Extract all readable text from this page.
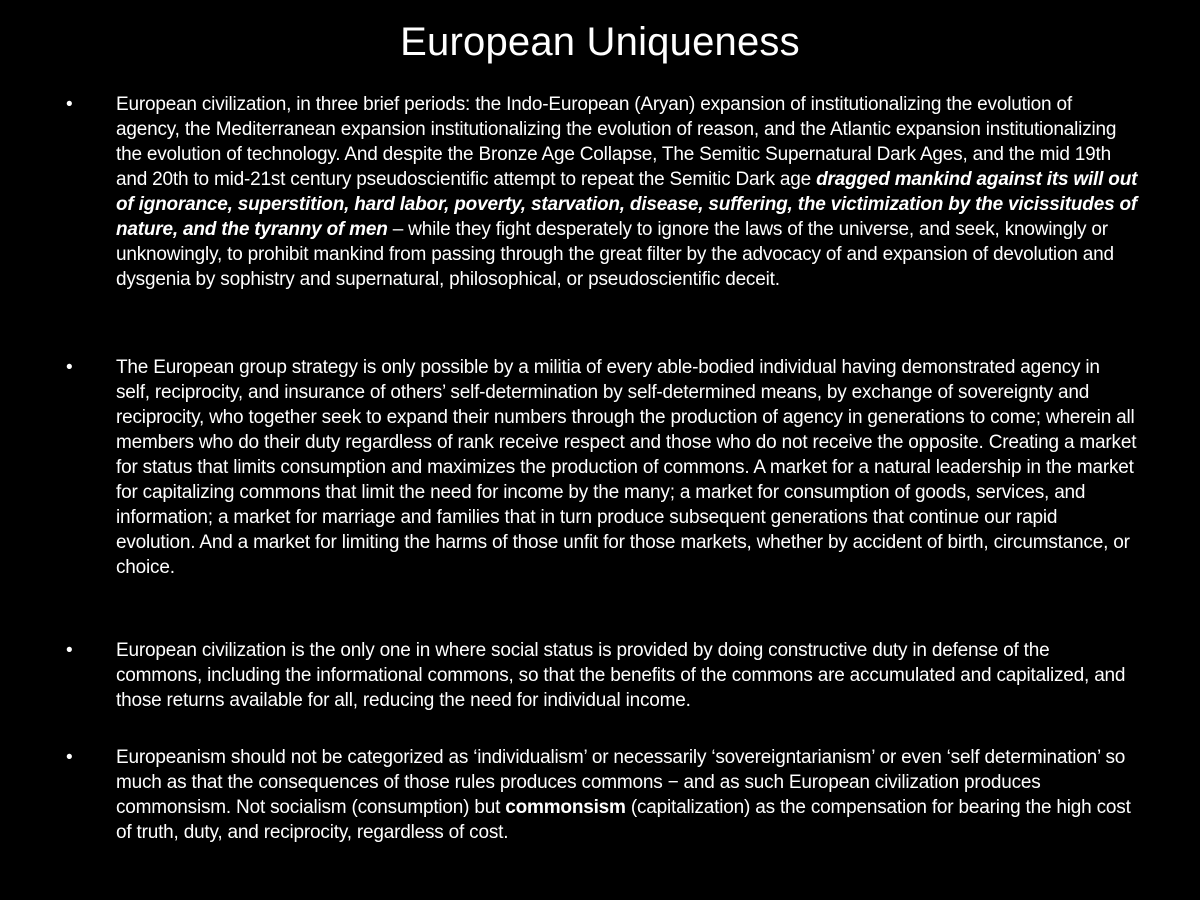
European Uniqueness
• European civilization, in three brief periods: the Indo-European (Aryan) expansion of institutionalizing the evolution of agency, the Mediterranean expansion institutionalizing the evolution of reason, and the Atlantic expansion institutionalizing the evolution of technology. And despite the Bronze Age Collapse, The Semitic Supernatural Dark Ages, and the mid 19th and 20th to mid-21st century pseudoscientific attempt to repeat the Semitic Dark age dragged mankind against its will out of ignorance, superstition, hard labor, poverty, starvation, disease, suffering, the victimization by the vicissitudes of nature, and the tyranny of men – while they fight desperately to ignore the laws of the universe, and seek, knowingly or unknowingly, to prohibit mankind from passing through the great filter by the advocacy of and expansion of devolution and dysgenia by sophistry and supernatural, philosophical, or pseudoscientific deceit.
• The European group strategy is only possible by a militia of every able-bodied individual having demonstrated agency in self, reciprocity, and insurance of others’ self-determination by self-determined means, by exchange of sovereignty and reciprocity, who together seek to expand their numbers through the production of agency in generations to come; wherein all members who do their duty regardless of rank receive respect and those who do not receive the opposite. Creating a market for status that limits consumption and maximizes the production of commons. A market for a natural leadership in the market for capitalizing commons that limit the need for income by the many; a market for consumption of goods, services, and information; a market for marriage and families that in turn produce subsequent generations that continue our rapid evolution. And a market for limiting the harms of those unfit for those markets, whether by accident of birth, circumstance, or choice.
• European civilization is the only one in where social status is provided by doing constructive duty in defense of the commons, including the informational commons, so that the benefits of the commons are accumulated and capitalized, and those returns available for all, reducing the need for individual income.
• Europeanism should not be categorized as ‘individualism’ or necessarily ‘sovereigntarianism’ or even ‘self determination’ so much as that the consequences of those rules produces commons − and as such European civilization produces commonsism. Not socialism (consumption) but commonsism (capitalization) as the compensation for bearing the high cost of truth, duty, and reciprocity, regardless of cost.
